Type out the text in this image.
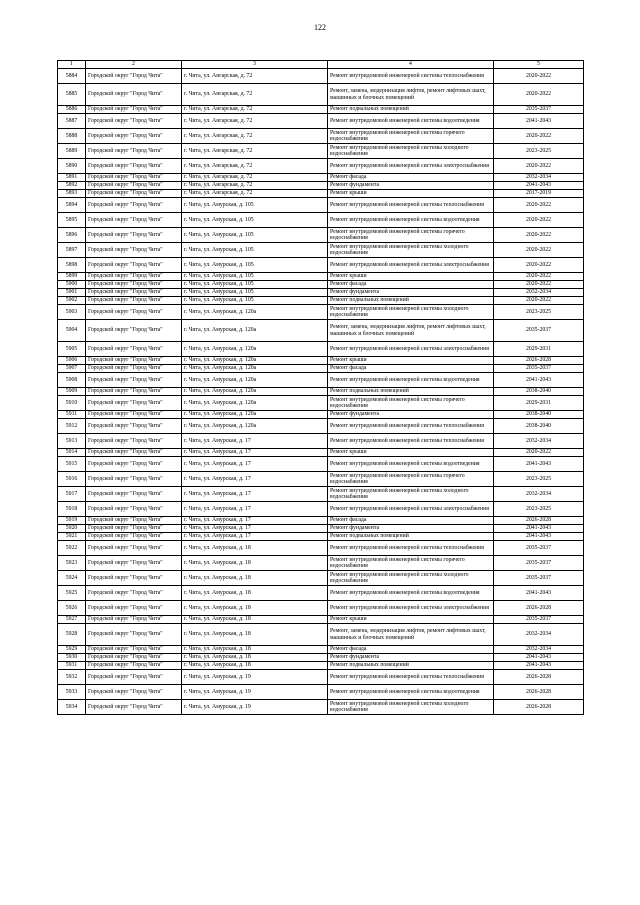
122
1	2	3	4	5
5884	Городской округ "Город Чита"	г. Чита, ул. Ангарская, д. 72	Ремонт внутридомовой инженерной системы теплоснабжения	2020-2022
5885	Городской округ "Город Чита"	г. Чита, ул. Ангарская, д. 72	Ремонт, замена, модернизация лифтов, ремонт лифтовых шахт, машинных и блочных помещений	2020-2022
5886	Городской округ "Город Чита"	г. Чита, ул. Ангарская, д. 72	Ремонт подвальных помещений	2035-2037
5887	Городской округ "Город Чита"	г. Чита, ул. Ангарская, д. 72	Ремонт внутридомовой инженерной системы водоотведения	2041-2043
5888	Городской округ "Город Чита"	г. Чита, ул. Ангарская, д. 72	Ремонт внутридомовой инженерной системы горячего водоснабжения	2020-2022
5889	Городской округ "Город Чита"	г. Чита, ул. Ангарская, д. 72	Ремонт внутридомовой инженерной системы холодного водоснабжения	2023-2025
5890	Городской округ "Город Чита"	г. Чита, ул. Ангарская, д. 72	Ремонт внутридомовой инженерной системы электроснабжения	2020-2022
5891	Городской округ "Город Чита"	г. Чита, ул. Ангарская, д. 72	Ремонт фасада	2032-2034
5892	Городской округ "Город Чита"	г. Чита, ул. Ангарская, д. 72	Ремонт фундамента	2041-2043
5893	Городской округ "Город Чита"	г. Чита, ул. Ангарская, д. 72	Ремонт крыши	2017-2019
5894	Городской округ "Город Чита"	г. Чита, ул. Амурская, д. 105	Ремонт внутридомовой инженерной системы теплоснабжения	2020-2022
5895	Городской округ "Город Чита"	г. Чита, ул. Амурская, д. 105	Ремонт внутридомовой инженерной системы водоотведения	2020-2022
5896	Городской округ "Город Чита"	г. Чита, ул. Амурская, д. 105	Ремонт внутридомовой инженерной системы горячего водоснабжения	2020-2022
5897	Городской округ "Город Чита"	г. Чита, ул. Амурская, д. 105	Ремонт внутридомовой инженерной системы холодного водоснабжения	2020-2022
5898	Городской округ "Город Чита"	г. Чита, ул. Амурская, д. 105	Ремонт внутридомовой инженерной системы электроснабжения	2020-2022
5899	Городской округ "Город Чита"	г. Чита, ул. Амурская, д. 105	Ремонт крыши	2020-2022
5900	Городской округ "Город Чита"	г. Чита, ул. Амурская, д. 105	Ремонт фасада	2020-2022
5901	Городской округ "Город Чита"	г. Чита, ул. Амурская, д. 105	Ремонт фундамента	2032-2034
5902	Городской округ "Город Чита"	г. Чита, ул. Амурская, д. 105	Ремонт подвальных помещений	2020-2022
5903	Городской округ "Город Чита"	г. Чита, ул. Амурская, д. 120а	Ремонт внутридомовой инженерной системы холодного водоснабжения	2023-2025
5904	Городской округ "Город Чита"	г. Чита, ул. Амурская, д. 120а	Ремонт, замена, модернизация лифтов, ремонт лифтовых шахт, машинных и блочных помещений	2035-2037
5905	Городской округ "Город Чита"	г. Чита, ул. Амурская, д. 120а	Ремонт внутридомовой инженерной системы электроснабжения	2029-2031
5906	Городской округ "Город Чита"	г. Чита, ул. Амурская, д. 120а	Ремонт крыши	2026-2028
5907	Городской округ "Город Чита"	г. Чита, ул. Амурская, д. 120а	Ремонт фасада	2035-2037
5908	Городской округ "Город Чита"	г. Чита, ул. Амурская, д. 120а	Ремонт внутридомовой инженерной системы водоотведения	2041-2043
5909	Городской округ "Город Чита"	г. Чита, ул. Амурская, д. 120а	Ремонт подвальных помещений	2038-2040
5910	Городской округ "Город Чита"	г. Чита, ул. Амурская, д. 120а	Ремонт внутридомовой инженерной системы горячего водоснабжения	2029-2031
5911	Городской округ "Город Чита"	г. Чита, ул. Амурская, д. 120а	Ремонт фундамента	2038-2040
5912	Городской округ "Город Чита"	г. Чита, ул. Амурская, д. 120а	Ремонт внутридомовой инженерной системы теплоснабжения	2038-2040
5913	Городской округ "Город Чита"	г. Чита, ул. Амурская, д. 17	Ремонт внутридомовой инженерной системы теплоснабжения	2032-2034
5914	Городской округ "Город Чита"	г. Чита, ул. Амурская, д. 17	Ремонт крыши	2020-2022
5915	Городской округ "Город Чита"	г. Чита, ул. Амурская, д. 17	Ремонт внутридомовой инженерной системы водоотведения	2041-2043
5916	Городской округ "Город Чита"	г. Чита, ул. Амурская, д. 17	Ремонт внутридомовой инженерной системы горячего водоснабжения	2023-2025
5917	Городской округ "Город Чита"	г. Чита, ул. Амурская, д. 17	Ремонт внутридомовой инженерной системы холодного водоснабжения	2032-2034
5918	Городской округ "Город Чита"	г. Чита, ул. Амурская, д. 17	Ремонт внутридомовой инженерной системы электроснабжения	2023-2025
5919	Городской округ "Город Чита"	г. Чита, ул. Амурская, д. 17	Ремонт фасада	2026-2028
5920	Городской округ "Город Чита"	г. Чита, ул. Амурская, д. 17	Ремонт фундамента	2041-2043
5921	Городской округ "Город Чита"	г. Чита, ул. Амурская, д. 17	Ремонт подвальных помещений	2041-2043
5922	Городской округ "Город Чита"	г. Чита, ул. Амурская, д. 18	Ремонт внутридомовой инженерной системы теплоснабжения	2035-2037
5923	Городской округ "Город Чита"	г. Чита, ул. Амурская, д. 18	Ремонт внутридомовой инженерной системы горячего водоснабжения	2035-2037
5924	Городской округ "Город Чита"	г. Чита, ул. Амурская, д. 18	Ремонт внутридомовой инженерной системы холодного водоснабжения	2035-2037
5925	Городской округ "Город Чита"	г. Чита, ул. Амурская, д. 18	Ремонт внутридомовой инженерной системы водоотведения	2041-2043
5926	Городской округ "Город Чита"	г. Чита, ул. Амурская, д. 18	Ремонт внутридомовой инженерной системы электроснабжения	2026-2028
5927	Городской округ "Город Чита"	г. Чита, ул. Амурская, д. 18	Ремонт крыши	2035-2037
5928	Городской округ "Город Чита"	г. Чита, ул. Амурская, д. 18	Ремонт, замена, модернизация лифтов, ремонт лифтовых шахт, машинных и блочных помещений	2032-2034
5929	Городской округ "Город Чита"	г. Чита, ул. Амурская, д. 18	Ремонт фасада	2032-2034
5930	Городской округ "Город Чита"	г. Чита, ул. Амурская, д. 18	Ремонт фундамента	2041-2043
5931	Городской округ "Город Чита"	г. Чита, ул. Амурская, д. 18	Ремонт подвальных помещений	2041-2043
5932	Городской округ "Город Чита"	г. Чита, ул. Амурская, д. 19	Ремонт внутридомовой инженерной системы теплоснабжения	2026-2028
5933	Городской округ "Город Чита"	г. Чита, ул. Амурская, д. 19	Ремонт внутридомовой инженерной системы водоотведения	2026-2028
5934	Городской округ "Город Чита"	г. Чита, ул. Амурская, д. 19	Ремонт внутридомовой инженерной системы холодного водоснабжения	2026-2028
